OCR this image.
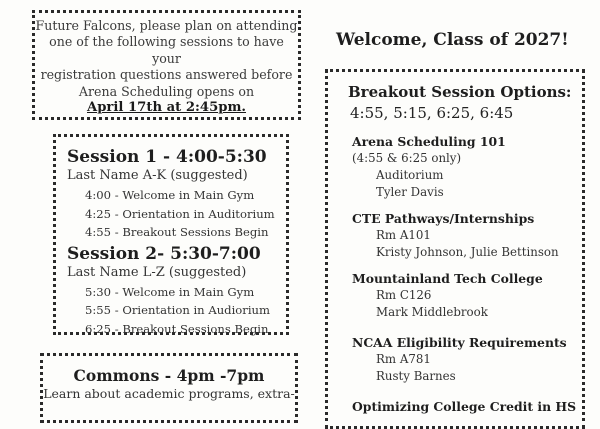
Future Falcons, please plan on attending
one of the following sessions to have your
registration questions answered before
Arena Scheduling opens on
April 17th at 2:45pm.
Session 1 - 4:00-5:30
Last Name A-K (suggested)
4:00 - Welcome in Main Gym
4:25 - Orientation in Auditorium
4:55 - Breakout Sessions Begin
Session 2- 5:30-7:00
Last Name L-Z (suggested)
5:30 - Welcome in Main Gym
5:55 - Orientation in Audiorium
6:25 - Breakout Sessions Begin
Commons - 4pm -7pm
Learn about academic programs, extra-
Welcome, Class of 2027!
Breakout Session Options:
4:55, 5:15, 6:25, 6:45
Arena Scheduling 101
(4:55 & 6:25 only)
Auditorium
Tyler Davis
CTE Pathways/Internships
Rm A101
Kristy Johnson, Julie Bettinson
Mountainland Tech College
Rm C126
Mark Middlebrook
NCAA Eligibility Requirements
Rm A781
Rusty Barnes
Optimizing College Credit in HS
